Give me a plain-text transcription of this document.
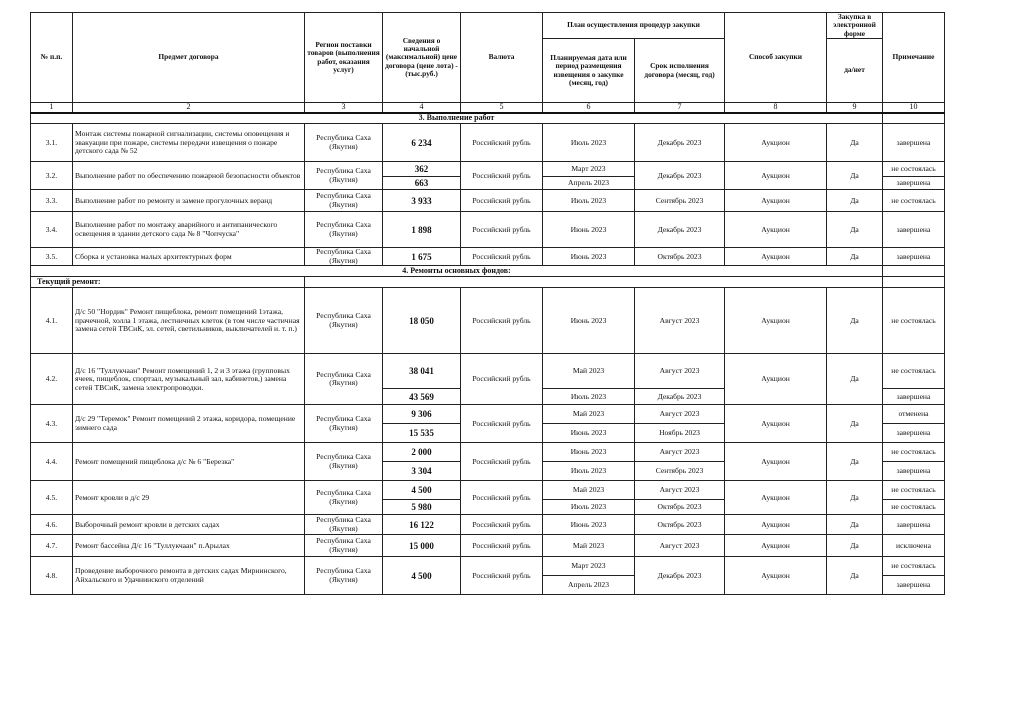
№ п.п.	Предмет договора	Регион поставки товаров (выполнения работ, оказания услуг)	Сведения о начальной (максимальной) цене договора (цене лота) - (тыс.руб.)	Валюта	План осуществления процедур закупки		Способ закупки	Закупка в электронной форме	Примечание
					Планируемая дата или период размещения извещения о закупке (месяц, год)	Срок исполнения договора (месяц, год)		да/нет	
1	2	3	4	5	6	7	8	9	10
3. Выполнение работ									
3.1.	Монтаж системы пожарной сигнализации, системы оповещения и эвакуации при пожаре, системы передачи извещения о пожаре детского сада № 52	Республика Саха (Якутия)	6 234	Российский рубль	Июль 2023	Декабрь 2023	Аукцион	Да	завершена
3.2.	Выполнение работ по обеспечению пожарной безопасности объектов	Республика Саха (Якутия)	362	Российский рубль	Март 2023	Декабрь 2023	Аукцион	Да	не состоялась
			663		Апрель 2023				завершена
3.3.	Выполнение работ по ремонту и замене прогулочных веранд	Республика Саха (Якутия)	3 933	Российский рубль	Июль 2023	Сентябрь 2023	Аукцион	Да	не состоялась
3.4.	Выполнение работ по монтажу аварийного и антипанического освещения в здании детского сада № 8 "Чопчуска"	Республика Саха (Якутия)	1 898	Российский рубль	Июнь 2023	Декабрь 2023	Аукцион	Да	завершена
3.5.	Сборка и установка малых архитектурных форм	Республика Саха (Якутия)	1 675	Российский рубль	Июнь 2023	Октябрь 2023	Аукцион	Да	завершена
4. Ремонты основных фондов:									
Текущий ремонт:									
4.1.	Д/с 50 "Нордик" Ремонт пищеблока, ремонт помещений 1этажа, прачечной, холла 1 этажа, лестничных клеток (в том числе частичная замена сетей ТВСиК, эл. сетей, светильников, выключателей и. т. п.)	Республика Саха (Якутия)	18 050	Российский рубль	Июнь 2023	Август 2023	Аукцион	Да	не состоялась
4.2.	Д/с 16 "Туллукчаан" Ремонт помещений 1, 2 и 3 этажа (групповых ячеек, пищеблок, спортзал, музыкальный зал, кабинетов,) замена сетей ТВСиК, замена электропроводки.	Республика Саха (Якутия)	38 041	Российский рубль	Май 2023	Август 2023	Аукцион	Да	не состоялась
			43 569		Июль 2023	Декабрь 2023			завершена
4.3.	Д/с 29 "Теремок" Ремонт помещений 2 этажа, коридора, помещение зимнего сада	Республика Саха (Якутия)	9 306	Российский рубль	Май 2023	Август 2023	Аукцион	Да	отменена
			15 535		Июнь 2023	Ноябрь 2023			завершена
4.4.	Ремонт помещений пищеблока д/с № 6 "Березка"	Республика Саха (Якутия)	2 000	Российский рубль	Июнь 2023	Август 2023	Аукцион	Да	не состоялась
			3 304		Июль 2023	Сентябрь 2023			завершена
4.5.	Ремонт кровли в д/с 29	Республика Саха (Якутия)	4 500	Российский рубль	Май 2023	Август 2023	Аукцион	Да	не состоялась
			5 980		Июль 2023	Октябрь 2023			не состоялась
4.6.	Выборочный ремонт кровли в детских садах	Республика Саха (Якутия)	16 122	Российский рубль	Июнь 2023	Октябрь 2023	Аукцион	Да	завершена
4.7.	Ремонт бассейна Д/с 16 "Туллукчаан" п.Арылах	Республика Саха (Якутия)	15 000	Российский рубль	Май 2023	Август 2023	Аукцион	Да	исключена
4.8.	Проведение выборочного ремонта в детских садах Мирнинского, Айхальского и Удачнинского отделений	Республика Саха (Якутия)	4 500	Российский рубль	Март 2023	Декабрь 2023	Аукцион	Да	не состоялась
					Апрель 2023				завершена
